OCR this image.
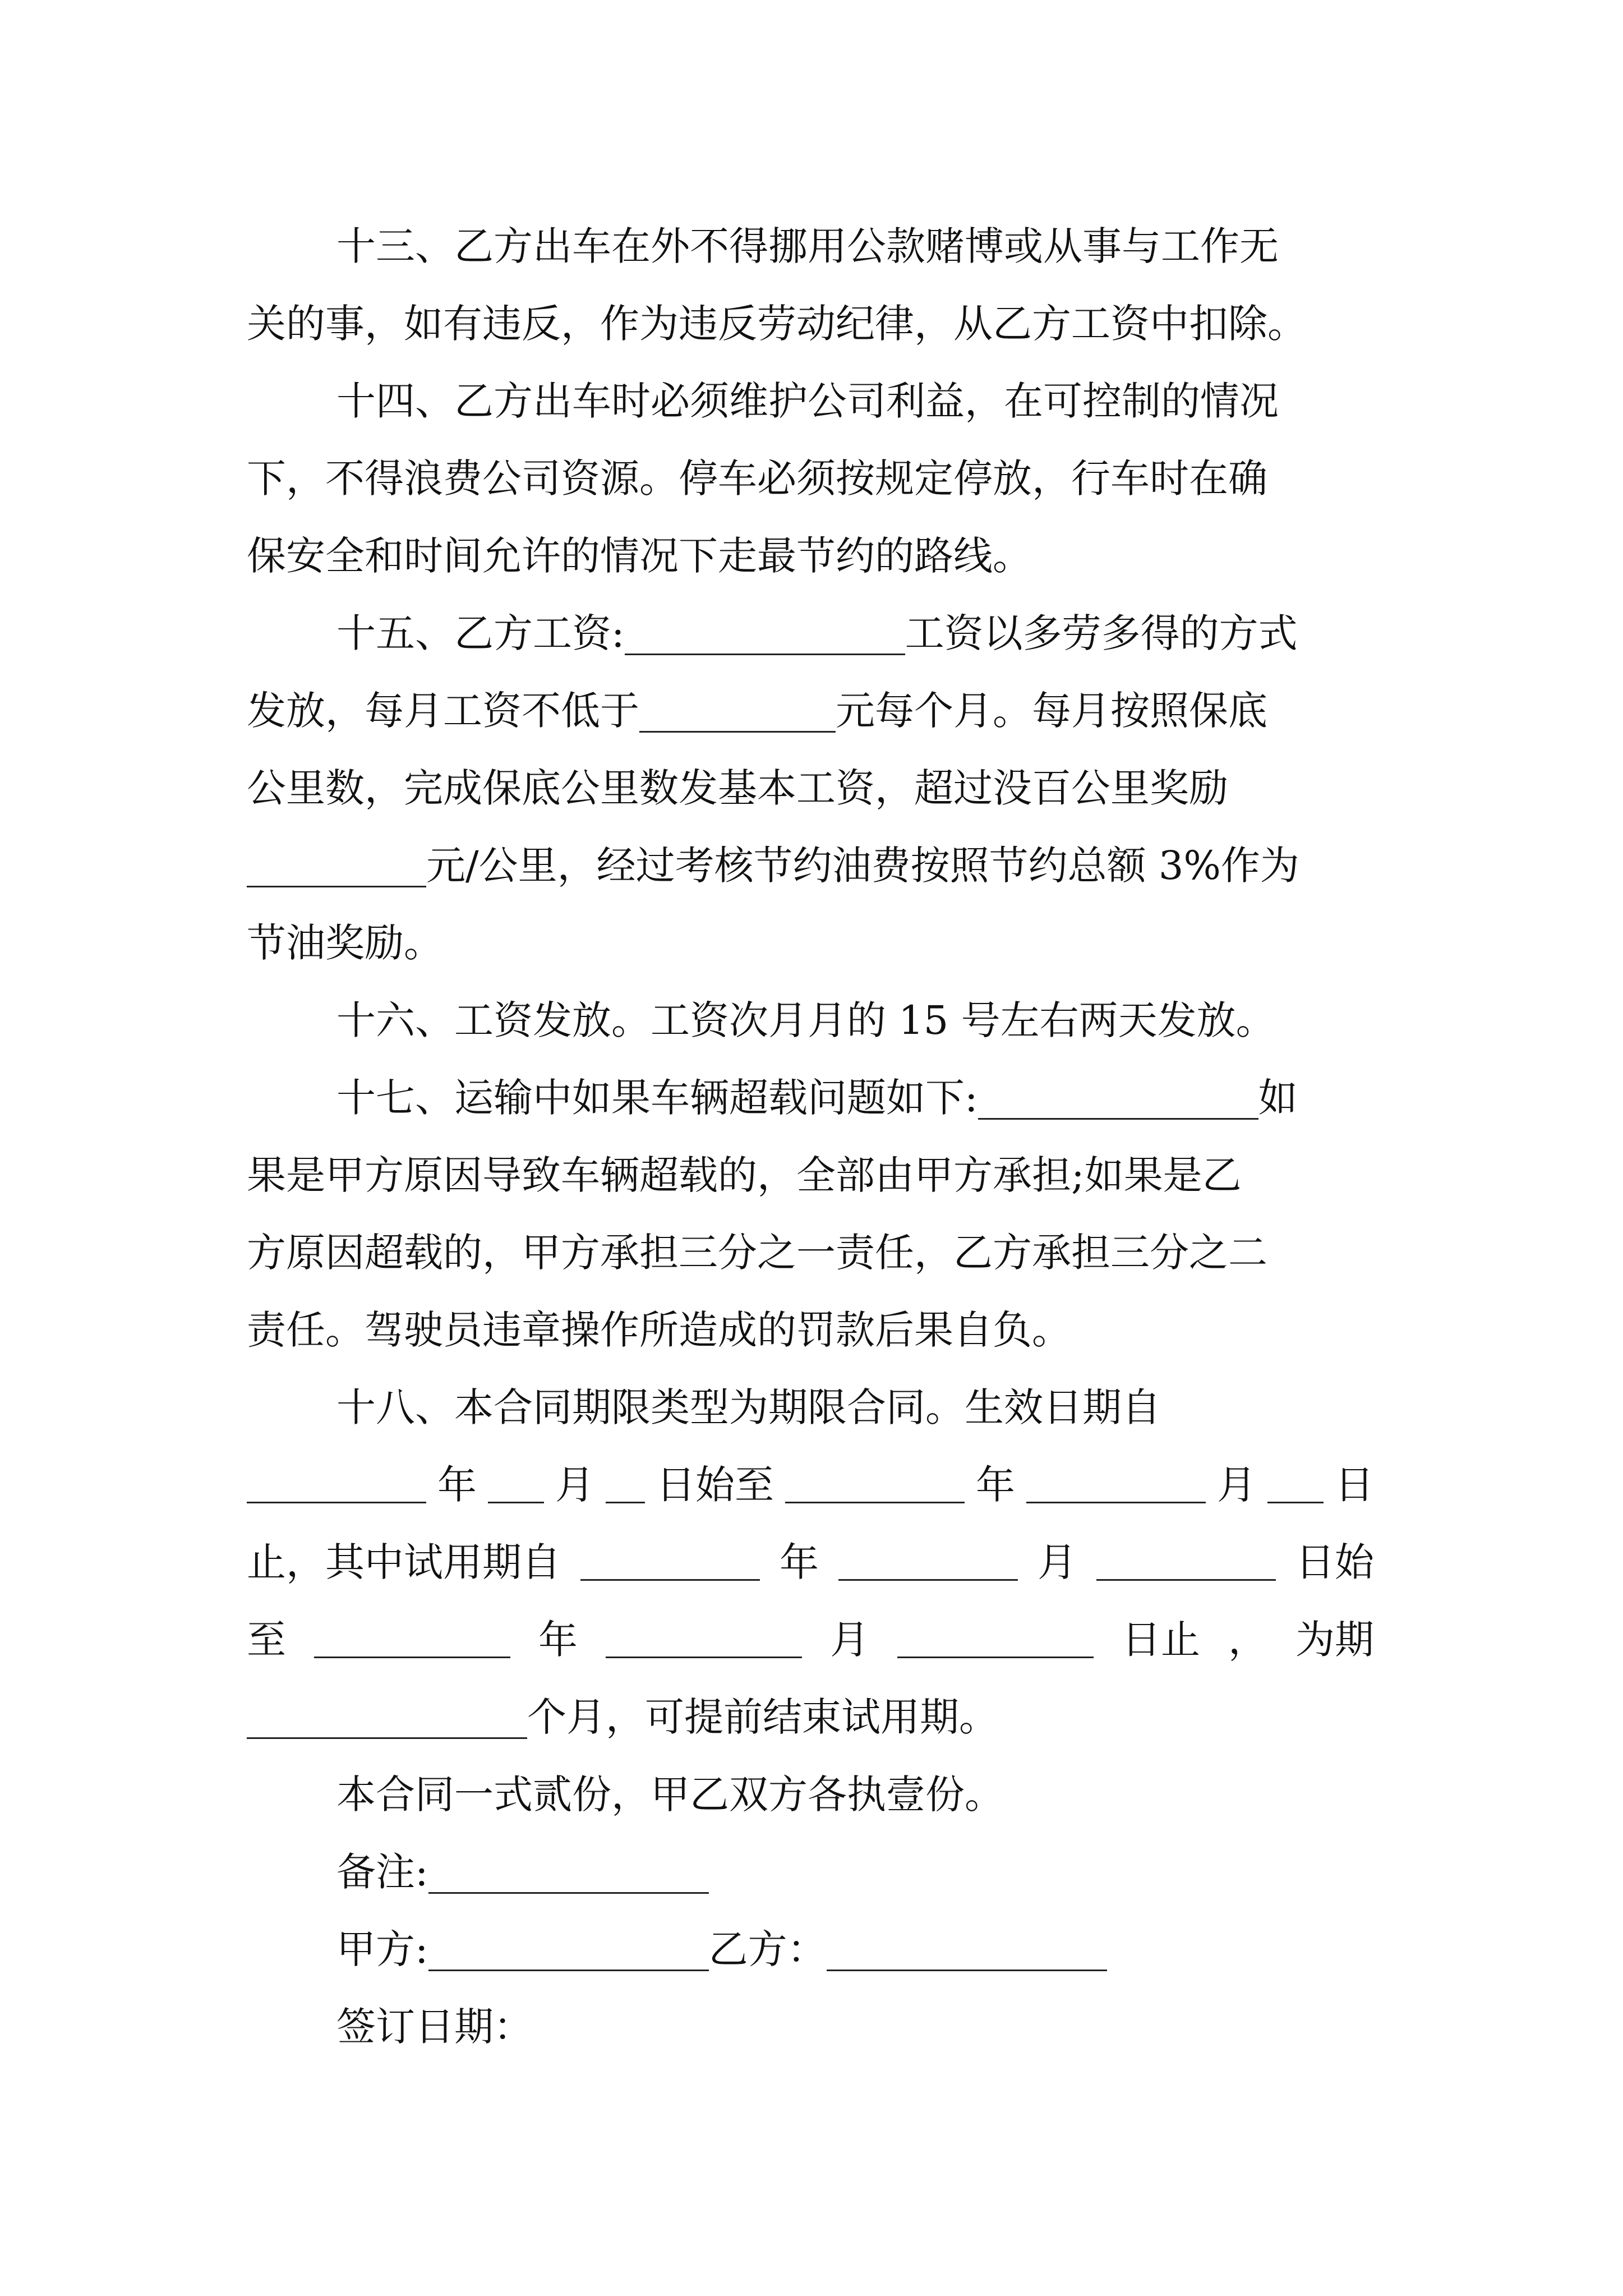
十三、乙方出车在外不得挪用公款赌博或从事与工作无
关的事，如有违反，作为违反劳动纪律，从乙方工资中扣除。
十四、乙方出车时必须维护公司利益，在可控制的情况
下，不得浪费公司资源。停车必须按规定停放，行车时在确
保安全和时间允许的情况下走最节约的路线。
十五、乙方工资:	工资以多劳多得的方式
发放，每月工资不低于	元每个月。每月按照保底
公里数，完成保底公里数发基本工资，超过没百公里奖励
元/公里，经过考核节约油费按照节约总额 3%作为
节油奖励。
十六、工资发放。工资次月月的 15 号左右两天发放。
十七、运输中如果车辆超载问题如下:	如
果是甲方原因导致车辆超载的，全部由甲方承担;如果是乙
方原因超载的，甲方承担三分之一责任，乙方承担三分之二
责任。驾驶员违章操作所造成的罚款后果自负。
十八、本合同期限类型为期限合同。生效日期自
年 月 日始至	年	月 日
止，其中试用期自	年	月	日始
至	年	月	日止 ， 为期
个月，可提前结束试用期。
本合同一式贰份，甲乙双方各执壹份。
备注:
甲方:	乙方：
签订日期：
